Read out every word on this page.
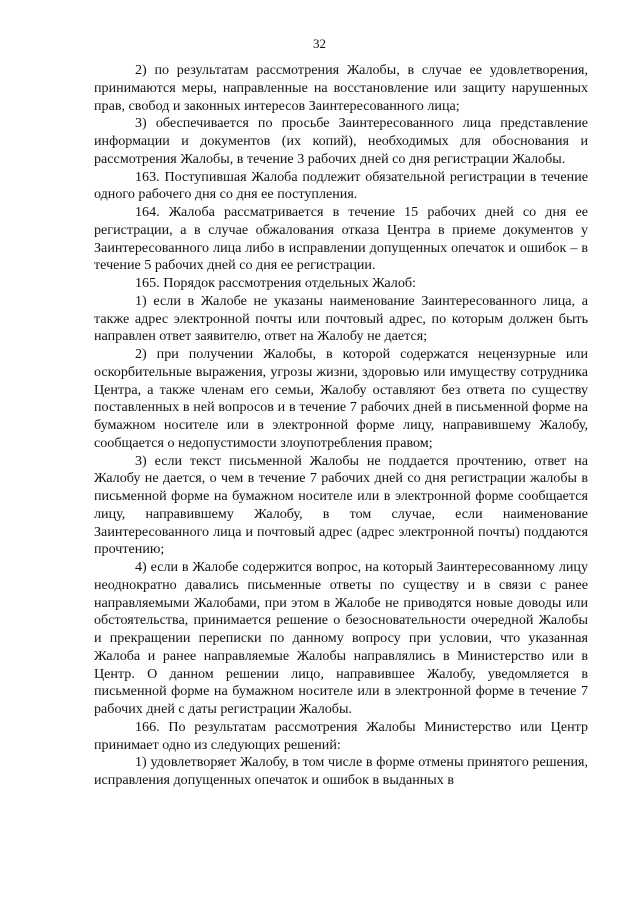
32

2) по результатам рассмотрения Жалобы, в случае ее удовлетворения, принимаются меры, направленные на восстановление или защиту нарушенных прав, свобод и законных интересов Заинтересованного лица;

3) обеспечивается по просьбе Заинтересованного лица представление информации и документов (их копий), необходимых для обоснования и рассмотрения Жалобы, в течение 3 рабочих дней со дня регистрации Жалобы.

163. Поступившая Жалоба подлежит обязательной регистрации в течение одного рабочего дня со дня ее поступления.

164. Жалоба рассматривается в течение 15 рабочих дней со дня ее регистрации, а в случае обжалования отказа Центра в приеме документов у Заинтересованного лица либо в исправлении допущенных опечаток и ошибок – в течение 5 рабочих дней со дня ее регистрации.

165. Порядок рассмотрения отдельных Жалоб:

1) если в Жалобе не указаны наименование Заинтересованного лица, а также адрес электронной почты или почтовый адрес, по которым должен быть направлен ответ заявителю, ответ на Жалобу не дается;

2) при получении Жалобы, в которой содержатся нецензурные или оскорбительные выражения, угрозы жизни, здоровью или имуществу сотрудника Центра, а также членам его семьи, Жалобу оставляют без ответа по существу поставленных в ней вопросов и в течение 7 рабочих дней в письменной форме на бумажном носителе или в электронной форме лицу, направившему Жалобу, сообщается о недопустимости злоупотребления правом;

3) если текст письменной Жалобы не поддается прочтению, ответ на Жалобу не дается, о чем в течение 7 рабочих дней со дня регистрации жалобы в письменной форме на бумажном носителе или в электронной форме сообщается лицу, направившему Жалобу, в том случае, если наименование Заинтересованного лица и почтовый адрес (адрес электронной почты) поддаются прочтению;

4) если в Жалобе содержится вопрос, на который Заинтересованному лицу неоднократно давались письменные ответы по существу и в связи с ранее направляемыми Жалобами, при этом в Жалобе не приводятся новые доводы или обстоятельства, принимается решение о безосновательности очередной Жалобы и прекращении переписки по данному вопросу при условии, что указанная Жалоба и ранее направляемые Жалобы направлялись в Министерство или в Центр. О данном решении лицо, направившее Жалобу, уведомляется в письменной форме на бумажном носителе или в электронной форме в течение 7 рабочих дней с даты регистрации Жалобы.

166. По результатам рассмотрения Жалобы Министерство или Центр принимает одно из следующих решений:

1) удовлетворяет Жалобу, в том числе в форме отмены принятого решения, исправления допущенных опечаток и ошибок в выданных в
